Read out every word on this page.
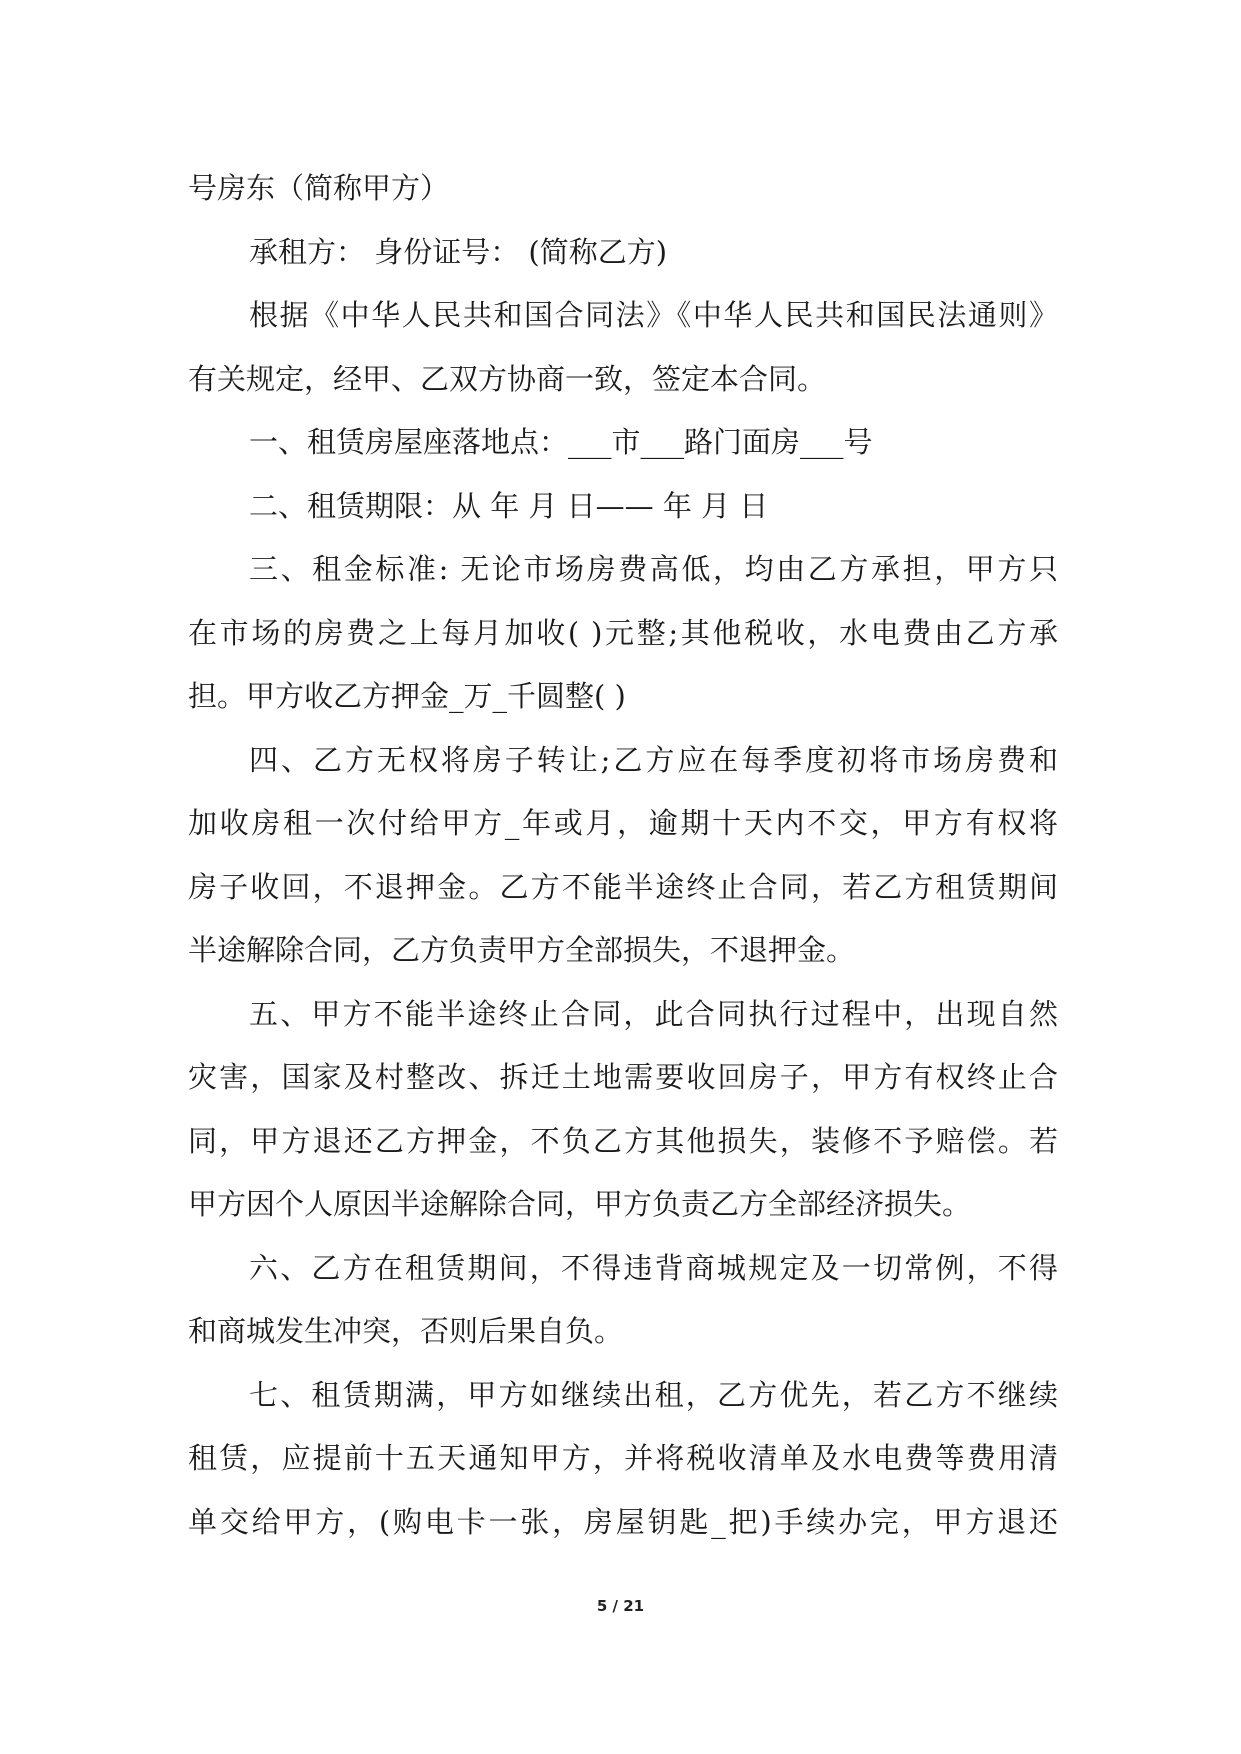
号房东（简称甲方）
承租方： 身份证号： (简称乙方)
根据《中华人民共和国合同法》《中华人民共和国民法通则》
有关规定，经甲、乙双方协商一致，签定本合同。
一、租赁房屋座落地点：___市___路门面房___号
二、租赁期限：从 年 月 日—— 年 月 日
三、租金标准: 无论市场房费高低，均由乙方承担，甲方只
在市场的房费之上每月加收( )元整;其他税收，水电费由乙方承
担。甲方收乙方押金_万_千圆整( )
四、乙方无权将房子转让;乙方应在每季度初将市场房费和
加收房租一次付给甲方_年或月，逾期十天内不交，甲方有权将
房子收回，不退押金。乙方不能半途终止合同，若乙方租赁期间
半途解除合同，乙方负责甲方全部损失，不退押金。
五、甲方不能半途终止合同，此合同执行过程中，出现自然
灾害，国家及村整改、拆迁土地需要收回房子，甲方有权终止合
同，甲方退还乙方押金，不负乙方其他损失，装修不予赔偿。若
甲方因个人原因半途解除合同，甲方负责乙方全部经济损失。
六、乙方在租赁期间，不得违背商城规定及一切常例，不得
和商城发生冲突，否则后果自负。
七、租赁期满，甲方如继续出租，乙方优先，若乙方不继续
租赁，应提前十五天通知甲方，并将税收清单及水电费等费用清
单交给甲方，(购电卡一张，房屋钥匙_把)手续办完，甲方退还
5 / 21
